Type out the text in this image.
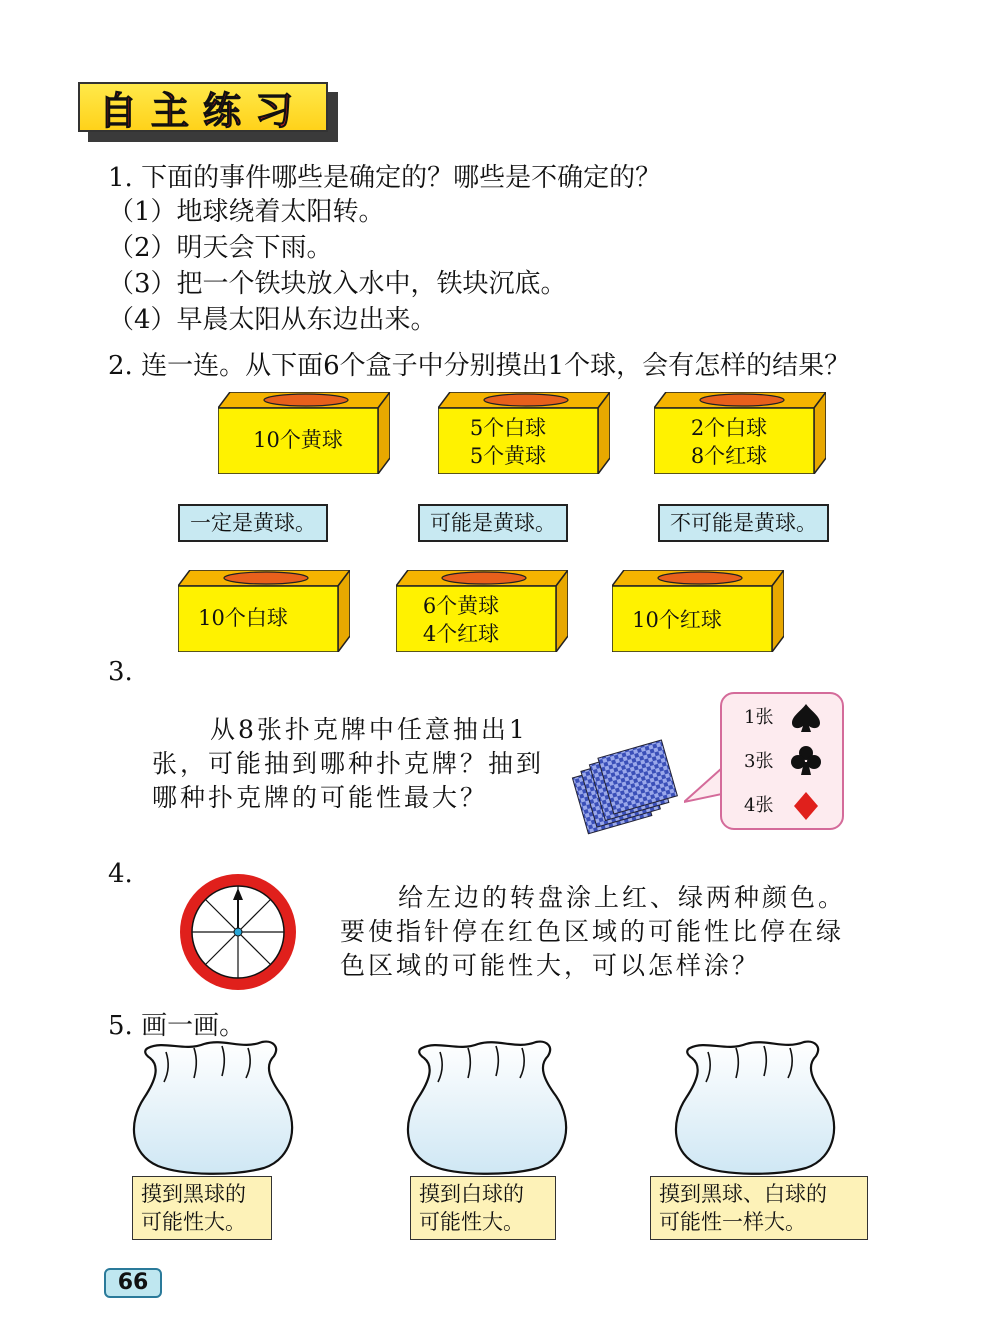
自主练习
1. 下面的事件哪些是确定的？哪些是不确定的？
（1）地球绕着太阳转。
（2）明天会下雨。
（3）把一个铁块放入水中，铁块沉底。
（4）早晨太阳从东边出来。
2. 连一连。从下面6个盒子中分别摸出1个球，会有怎样的结果？
10个黄球	5个白球
5个黄球
2个白球
8个红球
一定是黄球。	可能是黄球。	不可能是黄球。
10个白球	6个黄球
4个红球
10个红球
3.
从8张扑克牌中任意抽出1
张，可能抽到哪种扑克牌？抽到
哪种扑克牌的可能性最大？
1张
3张
4张
4.
给左边的转盘涂上红、绿两种颜色。
要使指针停在红色区域的可能性比停在绿
色区域的可能性大，可以怎样涂？
5. 画一画。
摸到黑球的
可能性大。
摸到白球的
可能性大。
摸到黑球、白球的
可能性一样大。
66
